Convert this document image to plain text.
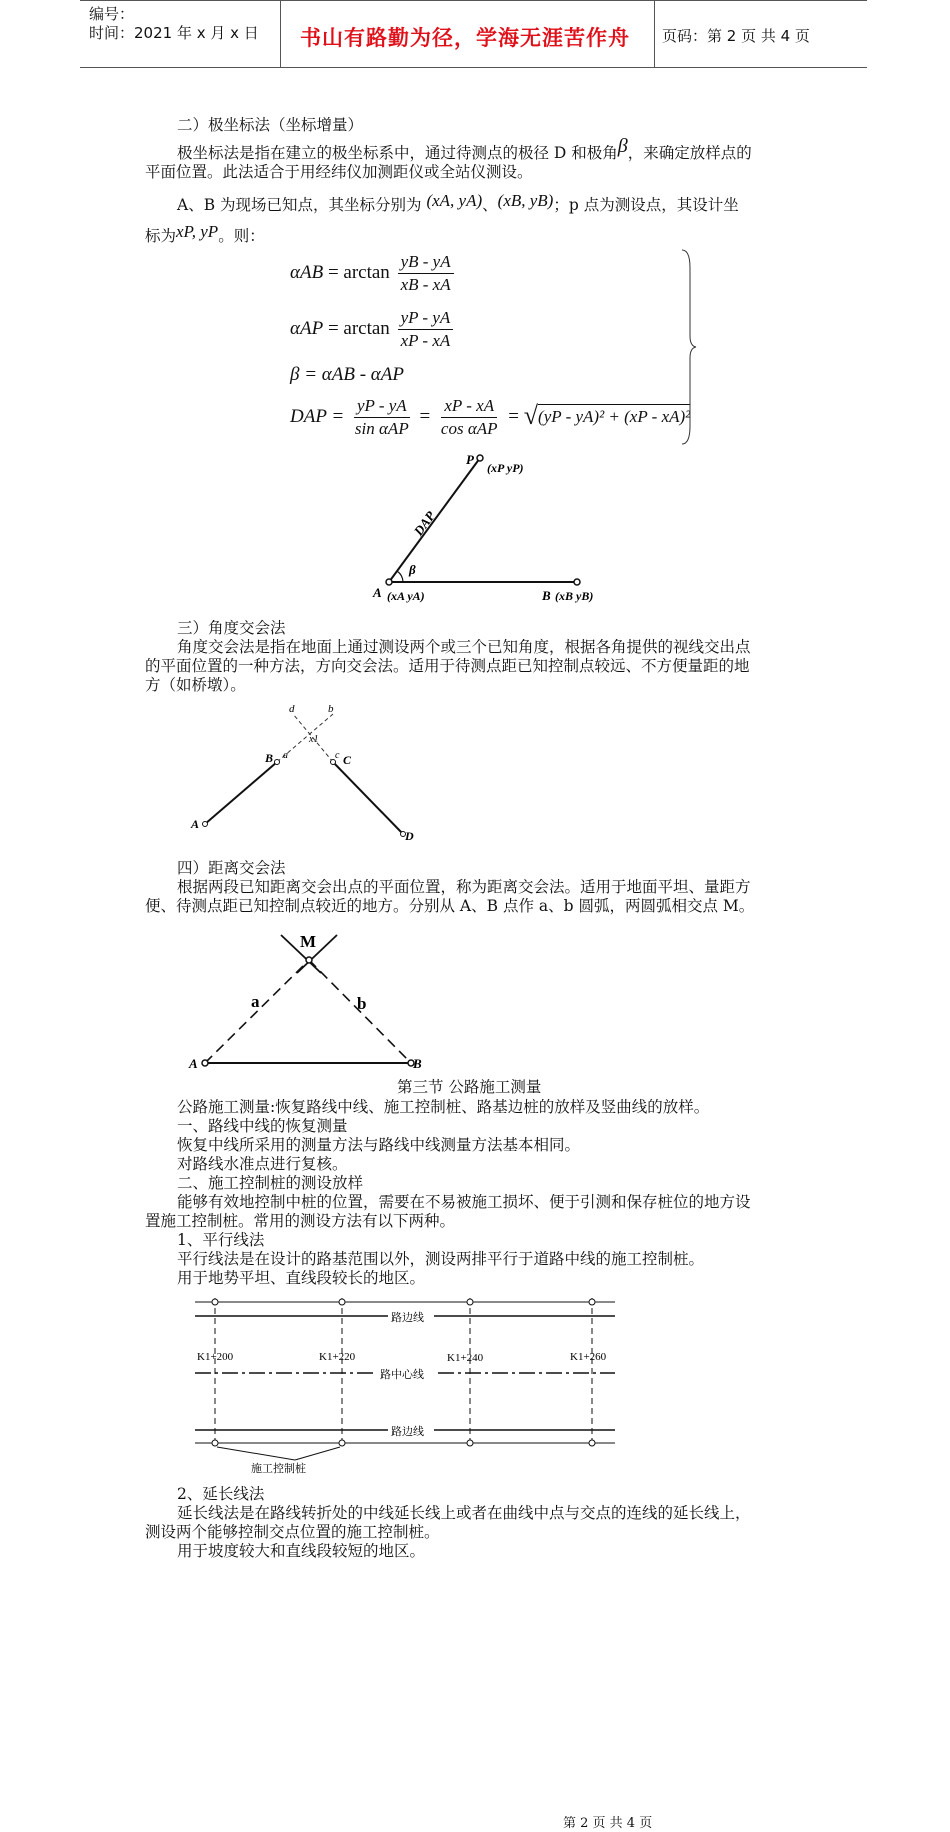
编号：
时间：2021 年 x 月 x 日 书山有路勤为径，学海无涯苦作舟 页码：第 2 页 共 4 页
二）极坐标法（坐标增量）
极坐标法是指在建立的极坐标系中，通过待测点的极径 D 和极角β，来确定放样点的
平面位置。此法适合于用经纬仪加测距仪或全站仪测设。
A、B 为现场已知点，其坐标分别为 (xA, yA)、(xB, yB)；p 点为测设点，其设计坐
标为xP, yP。则：
$\alpha AB = \arctan \frac{yB - yA}{xB - xA}$
$\alpha AP = \arctan \frac{yP - yA}{xP - xA}$
β = αAB - αAP
DAP = $\frac{yP - yA}{\text{sin αAP}} = \frac{xP - xA}{\text{cos αAP}} = √(yP - yA)^2 + (xP - xA)^2$
P
(xP yP)
DAP
β
A (xA yA)	B (xB yB)
三）角度交会法
角度交会法是指在地面上通过测设两个或三个已知角度，根据各角提供的视线交出点
的平面位置的一种方法，方向交会法。适用于待测点距已知控制点较远、不方便量距的地
方（如桥墩）。
d	b
x1
a	c
B	C
A
D
四）距离交会法
根据两段已知距离交会出点的平面位置，称为距离交会法。适用于地面平坦、量距方
便、待测点距已知控制点较近的地方。分别从 A、B 点作 a、b 圆弧，两圆弧相交点 M。
M
a	b
A	B
第三节 公路施工测量
公路施工测量:恢复路线中线、施工控制桩、路基边桩的放样及竖曲线的放样。
一、路线中线的恢复测量
恢复中线所采用的测量方法与路线中线测量方法基本相同。
对路线水准点进行复核。
二、施工控制桩的测设放样
能够有效地控制中桩的位置，需要在不易被施工损坏、便于引测和保存桩位的地方设
置施工控制桩。常用的测设方法有以下两种。
1、平行线法
平行线法是在设计的路基范围以外，测设两排平行于道路中线的施工控制桩。
用于地势平坦、直线段较长的地区。
路边线
路中心线
路边线
K1+200	K1+220	K1+240	K1+260
施工控制桩
2、延长线法
延长线法是在路线转折处的中线延长线上或者在曲线中点与交点的连线的延长线上，
测设两个能够控制交点位置的施工控制桩。
用于坡度较大和直线段较短的地区。
第 2 页 共 4 页
